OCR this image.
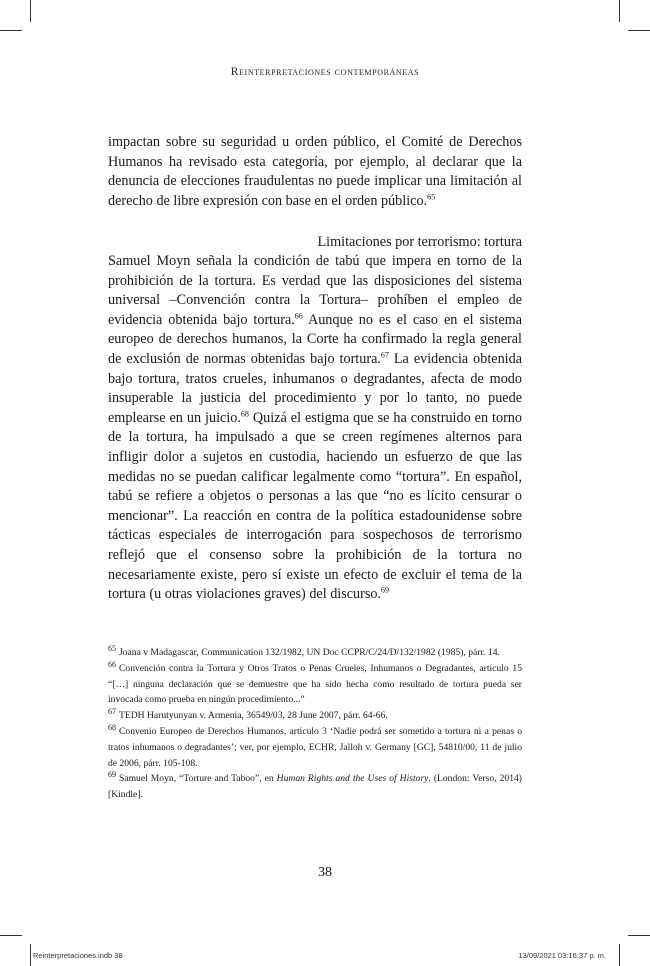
Reinterpretaciones contemporáneas

impactan sobre su seguridad u orden público, el Comité de Derechos Humanos ha revisado esta categoría, por ejemplo, al declarar que la denuncia de elecciones fraudulentas no puede implicar una limitación al derecho de libre expresión con base en el orden público.$^{65}$

Limitaciones por terrorismo: tortura

Samuel Moyn señala la condición de tabú que impera en torno de la prohibición de la tortura. Es verdad que las disposiciones del sistema universal –Convención contra la Tortura– prohíben el empleo de evidencia obtenida bajo tortura.$^{66}$ Aunque no es el caso en el sistema europeo de derechos humanos, la Corte ha confirmado la regla general de exclusión de normas obtenidas bajo tortura.$^{67}$ La evidencia obtenida bajo tortura, tratos crueles, inhumanos o degradantes, afecta de modo insuperable la justicia del procedimiento y por lo tanto, no puede emplearse en un juicio.$^{68}$ Quizá el estigma que se ha construido en torno de la tortura, ha impulsado a que se creen regímenes alternos para infligir dolor a sujetos en custodia, haciendo un esfuerzo de que las medidas no se puedan calificar legalmente como “tortura”. En español, tabú se refiere a objetos o personas a las que “no es lícito censurar o mencionar”. La reacción en contra de la política estadounidense sobre tácticas especiales de interrogación para sospechosos de terrorismo reflejó que el consenso sobre la prohibición de la tortura no necesariamente existe, pero sí existe un efecto de excluir el tema de la tortura (u otras violaciones graves) del discurso.$^{69}$

$^{65}$ Joana v Madagascar, Communication 132/1982, UN Doc CCPR/C/24/D/132/1982 (1985), párr. 14.

$^{66}$ Convención contra la Tortura y Otros Tratos o Penas Crueles, Inhumanos o Degradantes, artículo 15 “[…] ninguna declaración que se demuestre que ha sido hecha como resultado de tortura pueda ser invocada como prueba en ningún procedimiento...”

$^{67}$ TEDH Harutyunyan v. Armenia, 36549/03, 28 June 2007, párr. 64-66.

$^{68}$ Convenio Europeo de Derechos Humanos, artículo 3 ‘Nadie podrá ser sometido a tortura ni a penas o tratos inhumanos o degradantes’; ver, por ejemplo, ECHR, Jalloh v. Germany [GC], 54810/00, 11 de julio de 2006, párr. 105-108.

$^{69}$ Samuel Moyn, “Torture and Taboo”, en Human Rights and the Uses of History, (London: Verso, 2014) [Kindle].

38
Reinterpretaciones.indb 38	13/09/2021 03:16:37 p. m.
